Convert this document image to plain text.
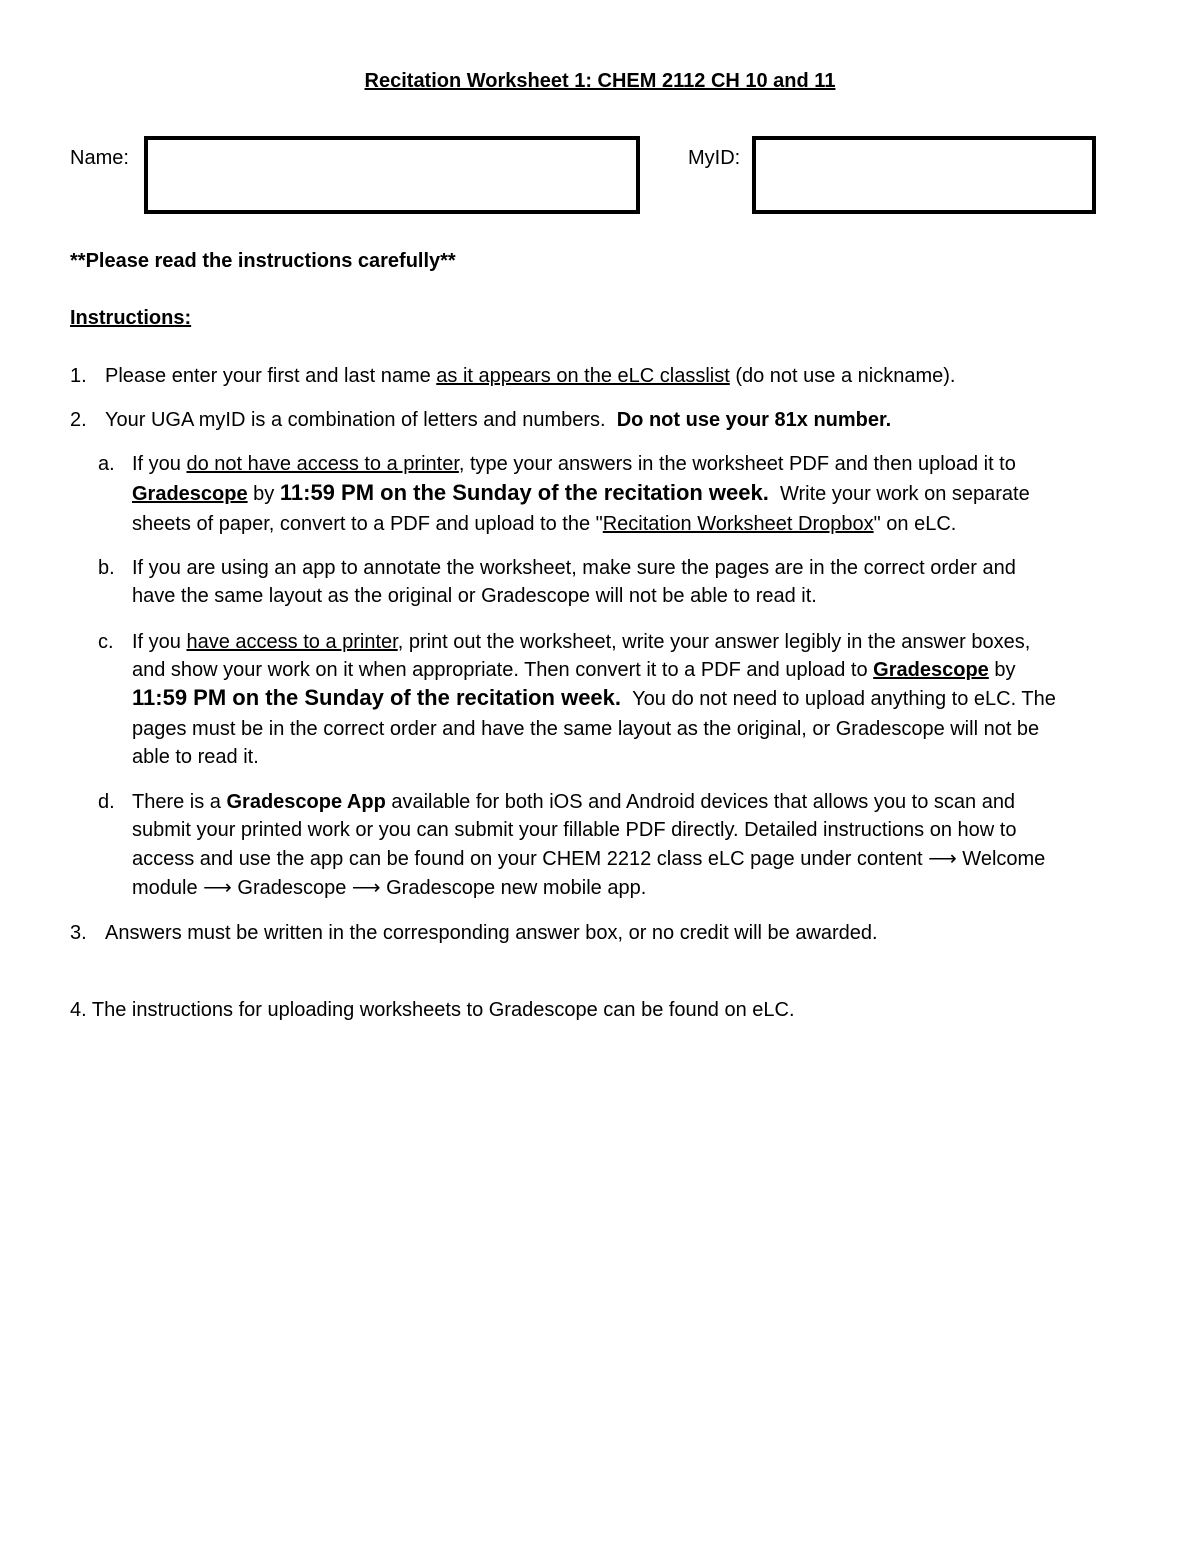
Recitation Worksheet 1: CHEM 2112 CH 10 and 11
Name:	MyID:
**Please read the instructions carefully**
Instructions:
1. Please enter your first and last name as it appears on the eLC classlist (do not use a nickname).
2. Your UGA myID is a combination of letters and numbers. Do not use your 81x number.
a. If you do not have access to a printer, type your answers in the worksheet PDF and then upload it to
Gradescope by 11:59 PM on the Sunday of the recitation week. Write your work on separate
sheets of paper, convert to a PDF and upload to the "Recitation Worksheet Dropbox" on eLC.
b. If you are using an app to annotate the worksheet, make sure the pages are in the correct order and
have the same layout as the original or Gradescope will not be able to read it.
c. If you have access to a printer, print out the worksheet, write your answer legibly in the answer boxes,
and show your work on it when appropriate. Then convert it to a PDF and upload to Gradescope by
11:59 PM on the Sunday of the recitation week. You do not need to upload anything to eLC. The
pages must be in the correct order and have the same layout as the original, or Gradescope will not be
able to read it.
d. There is a Gradescope App available for both iOS and Android devices that allows you to scan and
submit your printed work or you can submit your fillable PDF directly. Detailed instructions on how to
access and use the app can be found on your CHEM 2212 class eLC page under content ⟶ Welcome
module ⟶ Gradescope ⟶ Gradescope new mobile app.
3. Answers must be written in the corresponding answer box, or no credit will be awarded.
4. The instructions for uploading worksheets to Gradescope can be found on eLC.
